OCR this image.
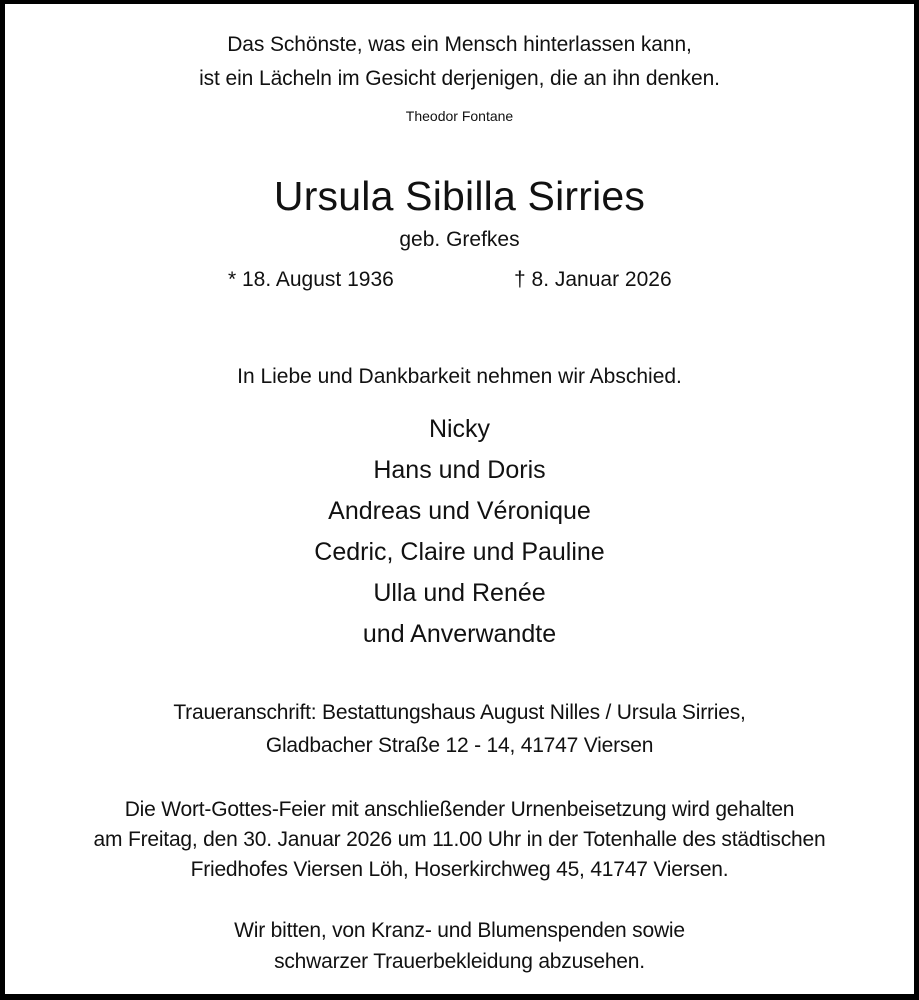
Das Schönste, was ein Mensch hinterlassen kann,
ist ein Lächeln im Gesicht derjenigen, die an ihn denken.
Theodor Fontane
Ursula Sibilla Sirries
geb. Grefkes
* 18. August 1936	† 8. Januar 2026
In Liebe und Dankbarkeit nehmen wir Abschied.
Nicky
Hans und Doris
Andreas und Véronique
Cedric, Claire und Pauline
Ulla und Renée
und Anverwandte
Traueranschrift: Bestattungshaus August Nilles / Ursula Sirries,
Gladbacher Straße 12 - 14, 41747 Viersen
Die Wort-Gottes-Feier mit anschließender Urnenbeisetzung wird gehalten
am Freitag, den 30. Januar 2026 um 11.00 Uhr in der Totenhalle des städtischen
Friedhofes Viersen Löh, Hoserkirchweg 45, 41747 Viersen.
Wir bitten, von Kranz- und Blumenspenden sowie
schwarzer Trauerbekleidung abzusehen.
